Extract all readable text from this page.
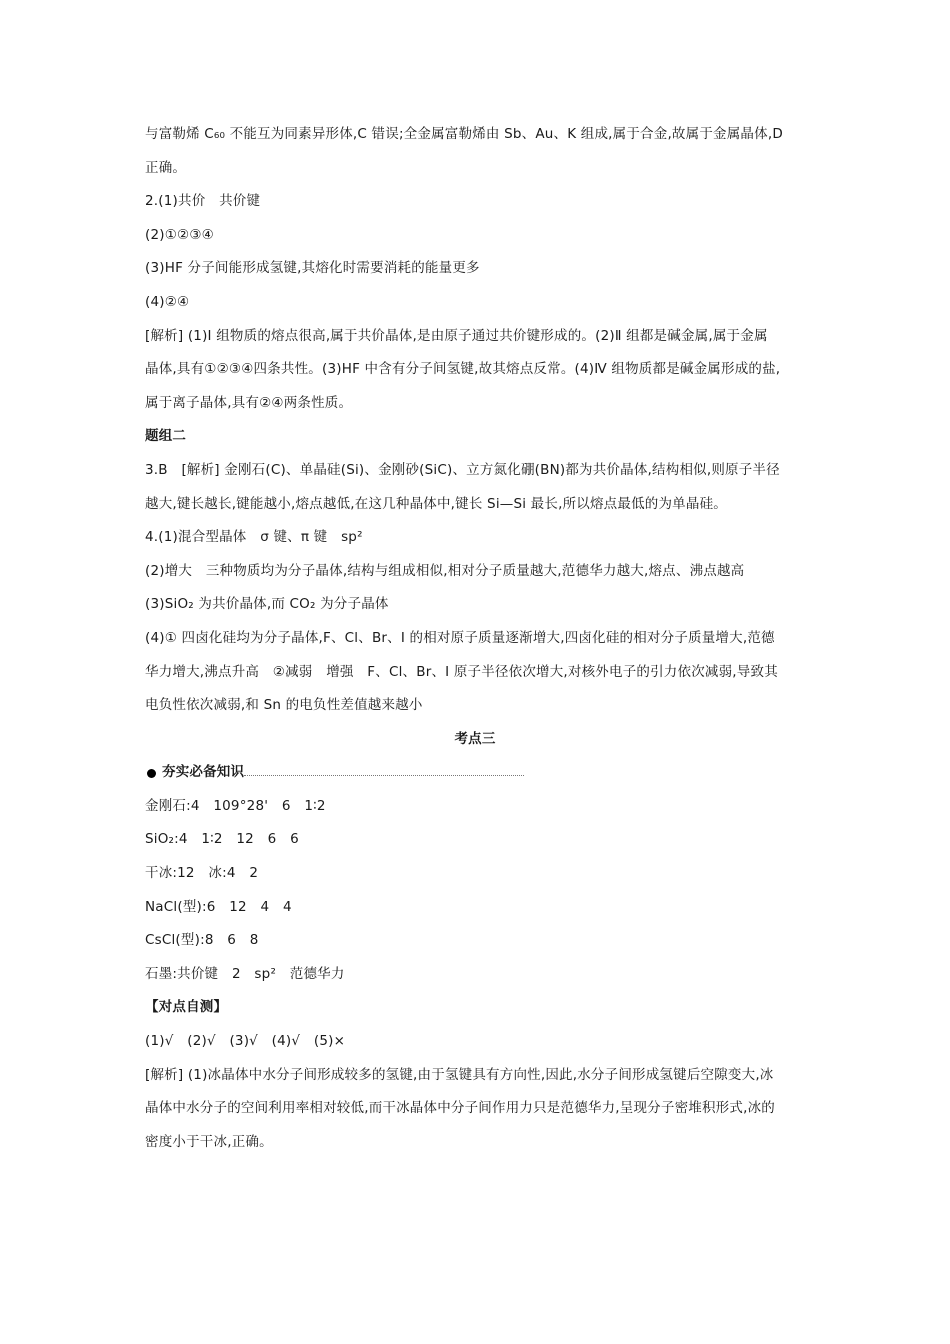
与富勒烯 C₆₀ 不能互为同素异形体,C 错误;全金属富勒烯由 Sb、Au、K 组成,属于合金,故属于金属晶体,D
正确。
2.(1)共价　共价键
(2)①②③④
(3)HF 分子间能形成氢键,其熔化时需要消耗的能量更多
(4)②④
[解析] (1)Ⅰ 组物质的熔点很高,属于共价晶体,是由原子通过共价键形成的。(2)Ⅱ 组都是碱金属,属于金属
晶体,具有①②③④四条共性。(3)HF 中含有分子间氢键,故其熔点反常。(4)Ⅳ 组物质都是碱金属形成的盐,
属于离子晶体,具有②④两条性质。
题组二
3.B　[解析] 金刚石(C)、单晶硅(Si)、金刚砂(SiC)、立方氮化硼(BN)都为共价晶体,结构相似,则原子半径
越大,键长越长,键能越小,熔点越低,在这几种晶体中,键长 Si—Si 最长,所以熔点最低的为单晶硅。
4.(1)混合型晶体　σ 键、π 键　sp²
(2)增大　三种物质均为分子晶体,结构与组成相似,相对分子质量越大,范德华力越大,熔点、沸点越高
(3)SiO₂ 为共价晶体,而 CO₂ 为分子晶体
(4)① 四卤化硅均为分子晶体,F、Cl、Br、I 的相对原子质量逐渐增大,四卤化硅的相对分子质量增大,范德
华力增大,沸点升高　②减弱　增强　F、Cl、Br、I 原子半径依次增大,对核外电子的引力依次减弱,导致其
电负性依次减弱,和 Sn 的电负性差值越来越小
考点三
夯实必备知识
金刚石:4　109°28'　6　1∶2
SiO₂:4　1∶2　12　6　6
干冰:12　冰:4　2
NaCl(型):6　12　4　4
CsCl(型):8　6　8
石墨:共价键　2　sp²　范德华力
【对点自测】
(1)√　(2)√　(3)√　(4)√　(5)×
[解析] (1)冰晶体中水分子间形成较多的氢键,由于氢键具有方向性,因此,水分子间形成氢键后空隙变大,冰
晶体中水分子的空间利用率相对较低,而干冰晶体中分子间作用力只是范德华力,呈现分子密堆积形式,冰的
密度小于干冰,正确。
